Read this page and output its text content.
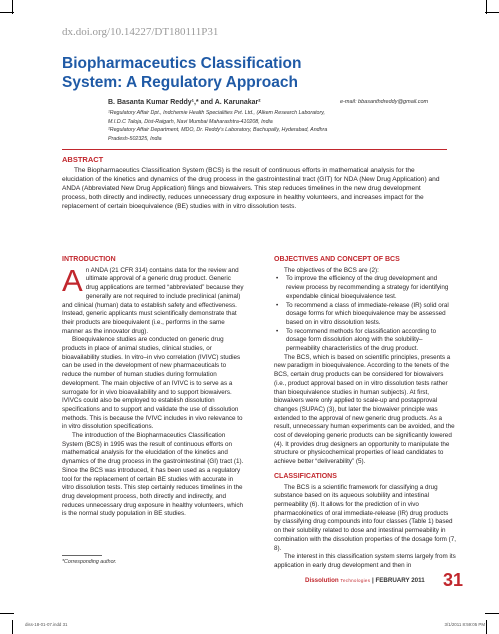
dx.doi.org/10.14227/DT180111P31
Biopharmaceutics Classification System: A Regulatory Approach
B. Basanta Kumar Reddy¹,* and A. Karunakar²	e-mail: bbasanthdreddy@gmail.com
¹Regulatory Affair Dpt., Indchemie Health Specialities Pvt. Ltd., (Alkem Research Laboratory,
M.I.D.C Taloja, Dist-Raigarh, Navi Mumbai Maharashtra-410208, India
²Regulatory Affair Department, MDO, Dr. Reddy's Laboratory, Bachupally, Hyderabad, Andhra
Pradesh-502325, India
ABSTRACT
The Biopharmaceutics Classification System (BCS) is the result of continuous efforts in mathematical analysis for the elucidation of the kinetics and dynamics of the drug process in the gastrointestinal tract (GIT) for NDA (New Drug Application) and ANDA (Abbreviated New Drug Application) filings and biowaivers. This step reduces timelines in the new drug development process, both directly and indirectly, reduces unnecessary drug exposure in healthy volunteers, and increases impact for the replacement of certain bioequivalence (BE) studies with in vitro dissolution tests.
INTRODUCTION

An ANDA (21 CFR 314) contains data for the review and ultimate approval of a generic drug product. Generic drug applications are termed “abbreviated” because they generally are not required to include preclinical (animal) and clinical (human) data to establish safety and effectiveness. Instead, generic applicants must scientifically demonstrate that their products are bioequivalent (i.e., performs in the same manner as the innovator drug).

Bioequivalence studies are conducted on generic drug products in place of animal studies, clinical studies, or bioavailability studies. In vitro–in vivo correlation (IVIVC) studies can be used in the development of new pharmaceuticals to reduce the number of human studies during formulation development. The main objective of an IVIVC is to serve as a surrogate for in vivo bioavailability and to support biowaivers. IVIVCs could also be employed to establish dissolution specifications and to support and validate the use of dissolution methods. This is because the IVIVC includes in vivo relevance to in vitro dissolution specifications.

The introduction of the Biopharmaceutics Classification System (BCS) in 1995 was the result of continuous efforts on mathematical analysis for the elucidation of the kinetics and dynamics of the drug process in the gastrointestinal (GI) tract (1). Since the BCS was introduced, it has been used as a regulatory tool for the replacement of certain BE studies with accurate in vitro dissolution tests. This step certainly reduces timelines in the drug development process, both directly and indirectly, and reduces unnecessary drug exposure in healthy volunteers, which is the normal study population in BE studies.

OBJECTIVES AND CONCEPT OF BCS

The objectives of the BCS are (2):

• To improve the efficiency of the drug development and review process by recommending a strategy for identifying expendable clinical bioequivalence test.

• To recommend a class of immediate-release (IR) solid oral dosage forms for which bioequivalence may be assessed based on in vitro dissolution tests.

• To recommend methods for classification according to dosage form dissolution along with the solubility–permeability characteristics of the drug product.

The BCS, which is based on scientific principles, presents a new paradigm in bioequivalence. According to the tenets of the BCS, certain drug products can be considered for biowaivers (i.e., product approval based on in vitro dissolution tests rather than bioequivalence studies in human subjects). At first, biowaivers were only applied to scale-up and postapproval changes (SUPAC) (3), but later the biowaiver principle was extended to the approval of new generic drug products. As a result, unnecessary human experiments can be avoided, and the cost of developing generic products can be significantly lowered (4). It provides drug designers an opportunity to manipulate the structure or physicochemical properties of lead candidates to achieve better “deliverability” (5).

CLASSIFICATIONS

The BCS is a scientific framework for classifying a drug substance based on its aqueous solubility and intestinal permeability (6). It allows for the prediction of in vivo pharmacokinetics of oral immediate-release (IR) drug products by classifying drug compounds into four classes (Table 1) based on their solubility related to dose and intestinal permeability in combination with the dissolution properties of the dosage form (7, 8).

The interest in this classification system stems largely from its application in early drug development and then in

*Corresponding author.
Dissolution Technologies | FEBRUARY 2011 31
diss-18-01-07.indd 31	3/1/2011 8:59:05 PM
